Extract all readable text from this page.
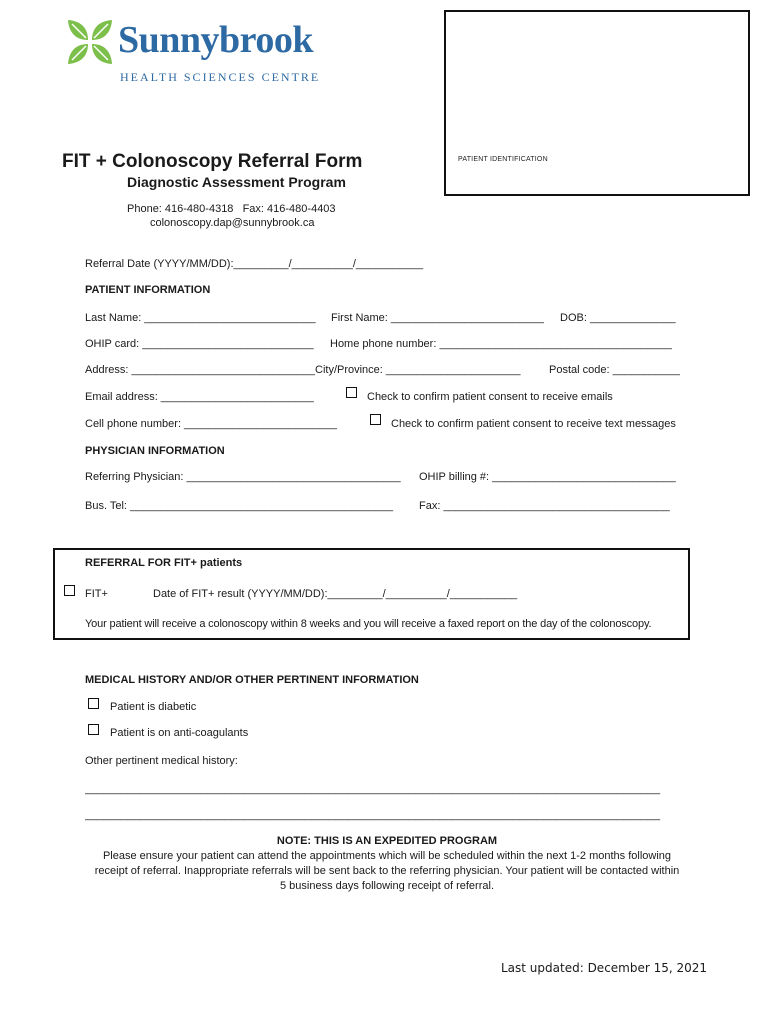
Sunnybrook
HEALTH SCIENCES CENTRE
PATIENT IDENTIFICATION
FIT + Colonoscopy Referral Form
Diagnostic Assessment Program
Phone: 416-480-4318   Fax: 416-480-4403
colonoscopy.dap@sunnybrook.ca
Referral Date (YYYY/MM/DD):_________/__________/___________
PATIENT INFORMATION
Last Name: ____________________________ First Name: _________________________ DOB: ______________
OHIP card: ____________________________ Home phone number: ______________________________________
Address: ______________________________City/Province: ______________________	Postal code: ___________
Email address: _________________________	Check to confirm patient consent to receive emails
Cell phone number: _________________________	Check to confirm patient consent to receive text messages
PHYSICIAN INFORMATION
Referring Physician: ___________________________________ OHIP billing #: ______________________________
Bus. Tel: ___________________________________________ Fax: _____________________________________
REFERRAL FOR FIT+ patients
FIT+	Date of FIT+ result (YYYY/MM/DD):_________/__________/___________
Your patient will receive a colonoscopy within 8 weeks and you will receive a faxed report on the day of the colonoscopy.
MEDICAL HISTORY AND/OR OTHER PERTINENT INFORMATION
Patient is diabetic
Patient is on anti-coagulants
Other pertinent medical history:
______________________________________________________________________________________________
______________________________________________________________________________________________
NOTE: THIS IS AN EXPEDITED PROGRAM
Please ensure your patient can attend the appointments which will be scheduled within the next 1-2 months following
receipt of referral. Inappropriate referrals will be sent back to the referring physician. Your patient will be contacted within
5 business days following receipt of referral.
Last updated: December 15, 2021
